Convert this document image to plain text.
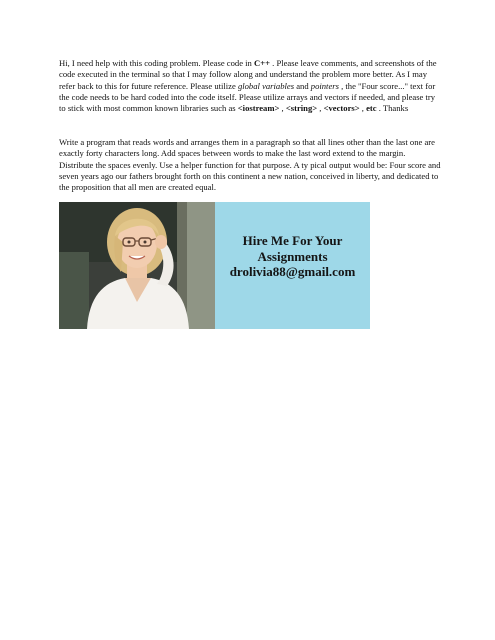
Hi, I need help with this coding problem. Please code in C++ . Please leave comments, and screenshots of the code executed in the terminal so that I may follow along and understand the problem more better. As I may refer back to this for future reference. Please utilize global variables and pointers , the "Four score..." text for the code needs to be hard coded into the code itself. Please utilize arrays and vectors if needed, and please try to stick with most common known libraries such as <iostream> , <string> , <vectors> , etc . Thanks

Write a program that reads words and arranges them in a paragraph so that all lines other than the last one are exactly forty characters long. Add spaces between words to make the last word extend to the margin. Distribute the spaces evenly. Use a helper function for that purpose. A ty pical output would be: Four score and seven years ago our fathers brought forth on this continent a new nation, conceived in liberty, and dedicated to the proposition that all men are created equal.

Hire Me For Your
Assignments
drolivia88@gmail.com
